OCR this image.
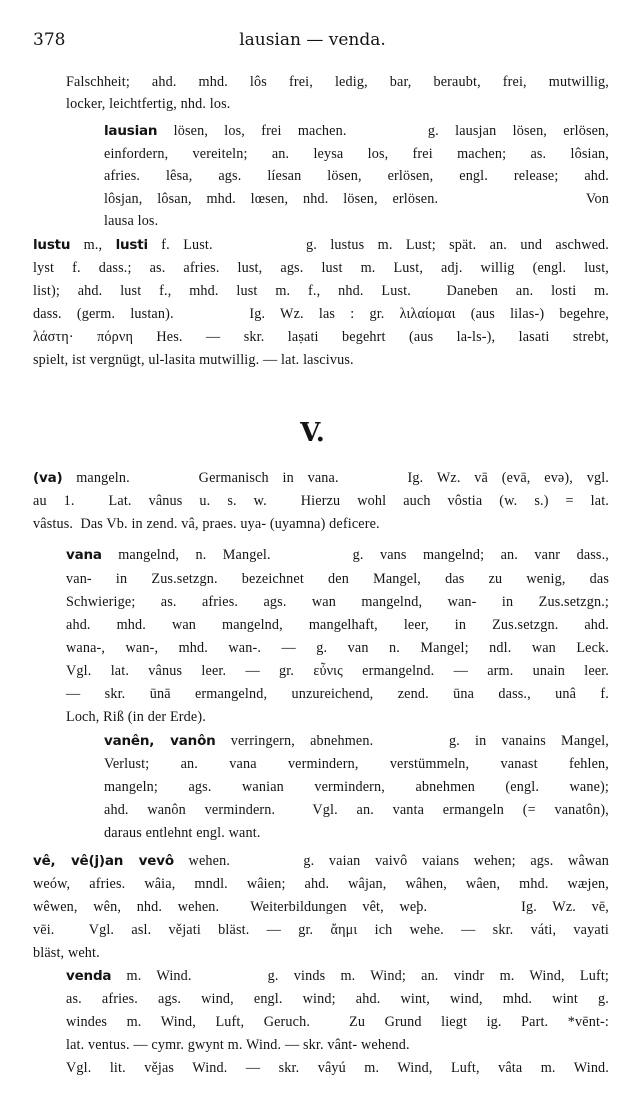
378	lausian — venda.
Falschheit; ahd. mhd. lôs frei, ledig, bar, beraubt, frei, mutwillig,
locker, leichtfertig, nhd. los.
lausian lösen, los, frei machen.     g. lausjan lösen, erlösen,
einfordern, vereiteln; an. leysa los, frei machen; as. lôsian,
afries. lêsa, ags. líesan lösen, erlösen, engl. release; ahd.
lôsjan, lôsan, mhd. lœsen, nhd. lösen, erlösen.          Von
lausa los.
lustu m., lusti f. Lust.       g. lustus m. Lust; spät. an. und aschwed.
lyst f. dass.; as. afries. lust, ags. lust m. Lust, adj. willig (engl. lust,
list); ahd. lust f., mhd. lust m. f., nhd. Lust.  Daneben an. losti m.
dass. (germ. lustan).     Ig. Wz. las : gr. λιλαίομαι (aus lilas-) begehre,
λάστη· πόρνη Hes. — skr. laṣati begehrt (aus la-ls-), lasati strebt,
spielt, ist vergnügt, ul-lasita mutwillig. — lat. lascivus.
V.
(va) mangeln.     Germanisch in vana.     Ig. Wz. vā (evā, evə), vgl.
au 1.  Lat. vânus u. s. w.  Hierzu wohl auch vôstia (w. s.) = lat.
vâstus.  Das Vb. in zend. vâ, praes. uya- (uyamna) deficere.
vana mangelnd, n. Mangel.     g. vans mangelnd; an. vanr dass.,
van- in Zus.setzgn. bezeichnet den Mangel, das zu wenig, das
Schwierige; as. afries. ags. wan mangelnd, wan- in Zus.setzgn.;
ahd. mhd. wan mangelnd, mangelhaft, leer, in Zus.setzgn. ahd.
wana-, wan-, mhd. wan-. — g. van n. Mangel; ndl. wan Leck.
Vgl. lat. vânus leer. — gr. εὖνις ermangelnd. — arm. unain leer.
— skr. ūnā ermangelnd, unzureichend, zend. ūna dass., unâ f.
Loch, Riß (in der Erde).
vanên, vanôn verringern, abnehmen.     g. in vanains Mangel,
Verlust; an. vana vermindern, verstümmeln, vanast fehlen,
mangeln; ags. wanian vermindern, abnehmen (engl. wane);
ahd. wanôn vermindern.  Vgl. an. vanta ermangeln (= vanatôn),
daraus entlehnt engl. want.
vê, vê(j)an vevô wehen.     g. vaian vaivô vaians wehen; ags. wâwan
weów, afries. wâia, mndl. wâien; ahd. wâjan, wâhen, wâen, mhd. wæjen,
wêwen, wên, nhd. wehen.  Weiterbildungen vêt, weþ.      Ig. Wz. vē,
vēi.  Vgl. asl. vějati bläst. — gr. ἄημι ich wehe. — skr. váti, vayati
bläst, weht.
venda m. Wind.     g. vinds m. Wind; an. vindr m. Wind, Luft;
as. afries. ags. wind, engl. wind; ahd. wint, wind, mhd. wint g.
windes m. Wind, Luft, Geruch.  Zu Grund liegt ig. Part. *vēnt-:
lat. ventus. — cymr. gwynt m. Wind. — skr. vânt- wehend.
Vgl. lit. vějas Wind. — skr. vâyú m. Wind, Luft, vâta m. Wind.
